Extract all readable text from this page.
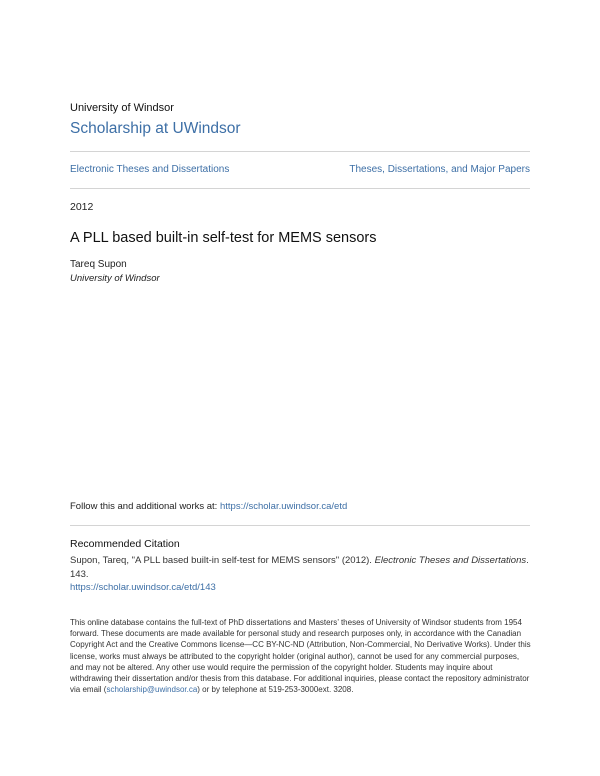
University of Windsor
Scholarship at UWindsor
Electronic Theses and Dissertations	Theses, Dissertations, and Major Papers
2012
A PLL based built-in self-test for MEMS sensors
Tareq Supon
University of Windsor
Follow this and additional works at: https://scholar.uwindsor.ca/etd
Recommended Citation
Supon, Tareq, "A PLL based built-in self-test for MEMS sensors" (2012). Electronic Theses and Dissertations. 143.
https://scholar.uwindsor.ca/etd/143
This online database contains the full-text of PhD dissertations and Masters’ theses of University of Windsor students from 1954 forward. These documents are made available for personal study and research purposes only, in accordance with the Canadian Copyright Act and the Creative Commons license—CC BY-NC-ND (Attribution, Non-Commercial, No Derivative Works). Under this license, works must always be attributed to the copyright holder (original author), cannot be used for any commercial purposes, and may not be altered. Any other use would require the permission of the copyright holder. Students may inquire about withdrawing their dissertation and/or thesis from this database. For additional inquiries, please contact the repository administrator via email (scholarship@uwindsor.ca) or by telephone at 519-253-3000ext. 3208.
